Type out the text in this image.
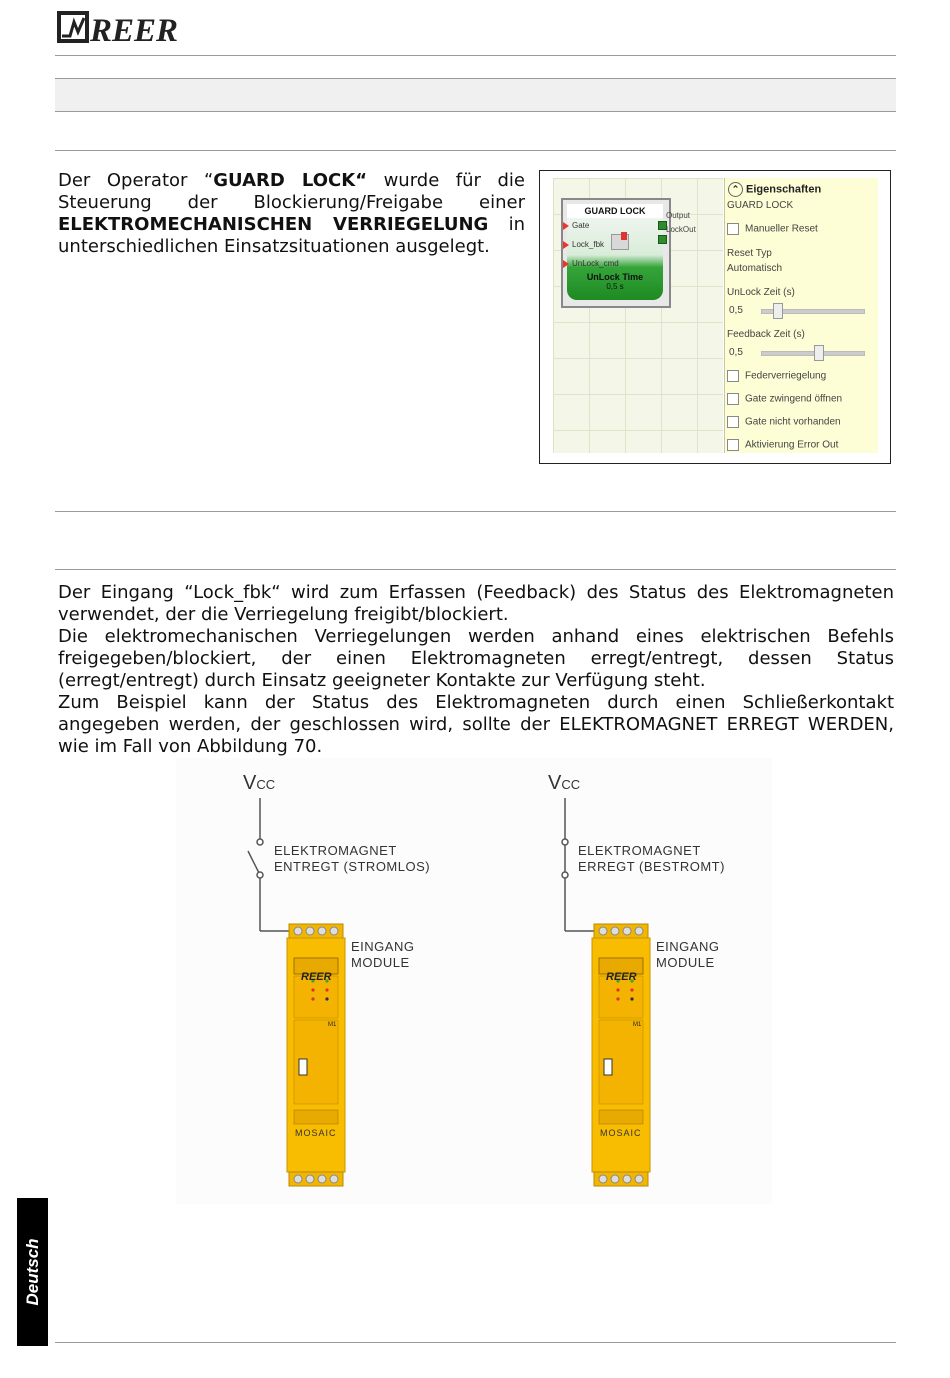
REER
Der Operator “GUARD LOCK“ wurde für die
Steuerung der Blockierung/Freigabe einer
ELEKTROMECHANISCHEN VERRIEGELUNG in
unterschiedlichen Einsatzsituationen ausgelegt.
GUARD LOCK
Gate
Lock_fbk
UnLock_cmd
UnLock Time
0,5 s
Output
LockOut
⌃ Eigenschaften
GUARD LOCK
Manueller Reset
Reset Typ
Automatisch
UnLock Zeit (s)
0,5
Feedback Zeit (s)
0,5
Federverriegelung
Gate zwingend öffnen
Gate nicht vorhanden
Aktivierung Error Out
Der Eingang “Lock_fbk“ wird zum Erfassen (Feedback) des Status des Elektromagneten
verwendet, der die Verriegelung freigibt/blockiert.
Die elektromechanischen Verriegelungen werden anhand eines elektrischen Befehls
freigegeben/blockiert, der einen Elektromagneten erregt/entregt, dessen Status
(erregt/entregt) durch Einsatz geeigneter Kontakte zur Verfügung steht.
Zum Beispiel kann der Status des Elektromagneten durch einen Schließerkontakt
angegeben werden, der geschlossen wird, sollte der ELEKTROMAGNET ERREGT WERDEN,
wie im Fall von Abbildung 70.
REER	REER
M1	M1
MOSAIC	MOSAIC
VCC	VCC
ELEKTROMAGNET
ENTREGT (STROMLOS)
ELEKTROMAGNET
ERREGT (BESTROMT)
EINGANG
MODULE
EINGANG
MODULE
Deutsch
